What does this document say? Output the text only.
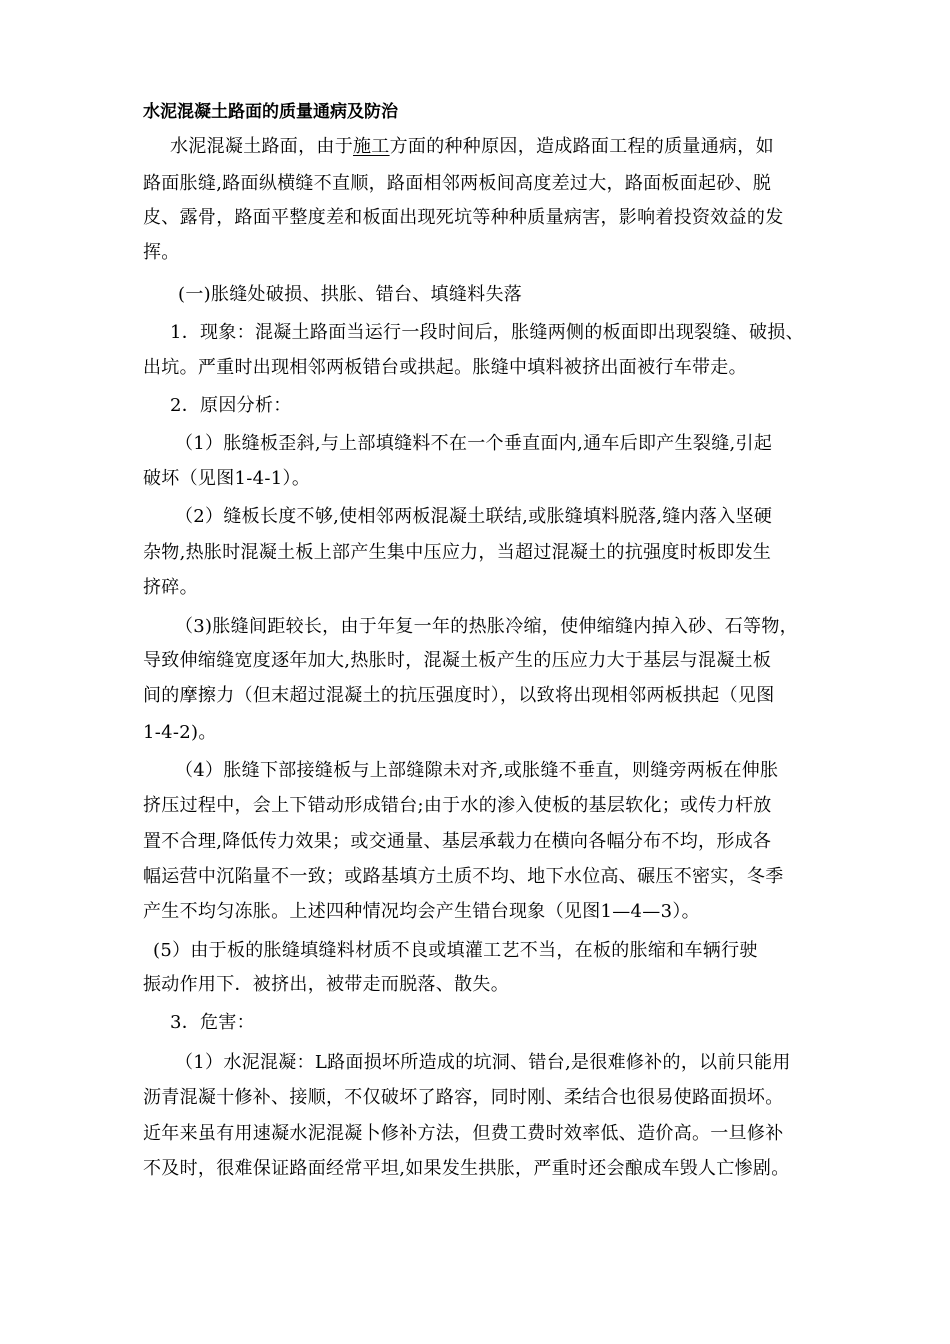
水泥混凝土路面的质量通病及防治
水泥混凝土路面，由于施工方面的种种原因，造成路面工程的质量通病，如
路面胀缝,路面纵横缝不直顺，路面相邻两板间高度差过大，路面板面起砂、脱
皮、露骨，路面平整度差和板面出现死坑等种种质量病害，影响着投资效益的发
挥。
(一)胀缝处破损、拱胀、错台、填缝料失落
1．现象：混凝土路面当运行一段时间后，胀缝两侧的板面即出现裂缝、破损、
出坑。严重时出现相邻两板错台或拱起。胀缝中填料被挤出面被行车带走。
2．原因分析：
（1）胀缝板歪斜,与上部填缝料不在一个垂直面内,通车后即产生裂缝,引起
破坏（见图1-4-1）。
（2）缝板长度不够,使相邻两板混凝土联结,或胀缝填料脱落,缝内落入坚硬
杂物,热胀时混凝土板上部产生集中压应力，当超过混凝土的抗强度时板即发生
挤碎。
（3)胀缝间距较长，由于年复一年的热胀冷缩，使伸缩缝内掉入砂、石等物，
导致伸缩缝宽度逐年加大,热胀时，混凝土板产生的压应力大于基层与混凝土板
间的摩擦力（但末超过混凝土的抗压强度时），以致将出现相邻两板拱起（见图
1-4-2)。
（4）胀缝下部接缝板与上部缝隙未对齐,或胀缝不垂直，则缝旁两板在伸胀
挤压过程中，会上下错动形成错台;由于水的渗入使板的基层软化；或传力杆放
置不合理,降低传力效果；或交通量、基层承载力在横向各幅分布不均，形成各
幅运营中沉陷量不一致；或路基填方土质不均、地下水位高、碾压不密实，冬季
产生不均匀冻胀。上述四种情况均会产生错台现象（见图1—4—3）。
(5）由于板的胀缝填缝料材质不良或填灌工艺不当，在板的胀缩和车辆行驶
振动作用下．被挤出，被带走而脱落、散失。
3．危害：
（1）水泥混凝：L路面损坏所造成的坑洞、错台,是很难修补的，以前只能用
沥青混凝十修补、接顺，不仅破坏了路容，同时刚、柔结合也很易使路面损坏。
近年来虽有用速凝水泥混凝卜修补方法，但费工费时效率低、造价高。一旦修补
不及时，很难保证路面经常平坦,如果发生拱胀，严重时还会酿成车毁人亡惨剧。
